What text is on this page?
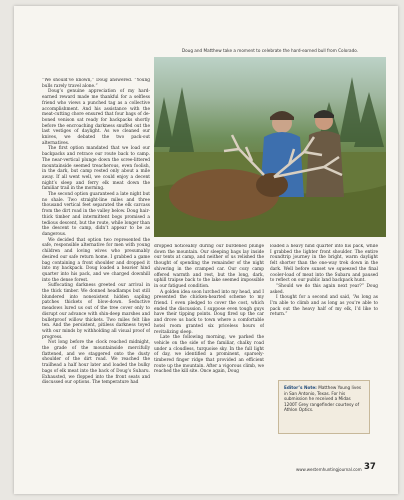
“We should’ve known,” Doug answered. “Young bulls rarely travel alone.”

Doug’s genuine appreciation of my hard-earned reward made me thankful for a selfless friend who views a punched tag as a collective accomplishment. And his assistance with the meat-cutting chore ensured that four bags of de-boned venison sat ready for backpacks shortly before the encroaching darkness snuffed out the last vestiges of daylight. As we cleaned our knives, we debated the two pack-out alternatives.

The first option mandated that we load our backpacks and retrace our route back to camp. The near-vertical plunge down the scree-littered mountainside seemed treacherous, even foolish, in the dark, but camp rested only about a mile away. If all went well, we could enjoy a decent night’s sleep and ferry elk meat down the familiar trail in the morning.

The second option guaranteed a late night but no shale. Two straight-line miles and three thousand vertical feet separated the elk carcass from the dirt road in the valley below. Doug hair-thick timber and intermittent bogs promised a tedious descent, but the route, while longer than the descent to camp, didn’t appear to be as dangerous.

We decided that option two represented the safe, responsible alternative for men with young children and loving wives who presumably desired our safe return home. I grabbed a game bag containing a front shoulder and dropped it into my backpack. Doug loaded a heavier hind quarter into his pack, and we charged downhill into the dense forest.

Suffocating darkness greeted our arrival in the thick timber. We donned headlamps but still blundered into nonexistent hidden sapling patches thickets of blow-down. Seductive meadows lured us out of the tree cover only to disrupt our advance with shin-deep marshes and bulletproof willow thickets. Two miles felt like ten. And the persistent, pitiless darkness toyed with our minds by withholding all visual proof of progress.

Not long before the clock reached midnight, the grade of the mountainside mercifully flattened, and we staggered onto the dusty shoulder of the dirt road. We reached the trailhead a half hour later and loaded the bulky bags of elk meat into the back of Doug’s Subaru. Exhausted, we flopped into the front seats and discussed our options. The temperature had

Doug and Matthew take a moment to celebrate the hard-earned bull from Colorado.

dropped noticeably during our burdened plunge down the mountain. Our sleeping bags lay inside our tents at camp, and neither of us relished the thought of spending the remainder of the night shivering in the cramped car. Our cozy camp offered warmth and rest, but the long, dark, uphill traipse back to the lake seemed impossible in our fatigued condition.

A golden idea soon lurched into my head, and I presented the chicken-hearted scheme to my friend. I even pledged to cover the cost, which ended the discussion. I suppose even tough guys have their tipping points. Doug fired up the car and drove us back to town where a comfortable hotel room granted six priceless hours of revitalizing sleep.

Late the following morning, we parked the vehicle on the side of the familiar, chalky road under a cloudless, turquoise sky. In the full light of day, we identified a prominent, sparsely-timbered finger ridge that provided an efficient route up the mountain. After a vigorous climb, we reached the kill site. Once again, Doug

loaded a heavy hind quarter into his pack, while I grabbed the lighter front shoulder. The entire roundtrip journey in the bright, warm daylight felt shorter than the one-way trek down in the dark. Well before sunset we squeezed the final cooler-load of meat into the Subaru and paused to reflect on our public land backpack hunt.

“Should we do this again next year?” Doug asked.

I thought for a second and said, “As long as I’m able to climb and as long as you’re able to pack out the heavy half of my elk, I’d like to return.”

Editor’s Note: Matthew Young lives in San Antonio, Texas. For his submission he received a Midas 1200T Grey rangefinder courtesy of Athlon Optics.
www.westernhuntingjournal.com 37
